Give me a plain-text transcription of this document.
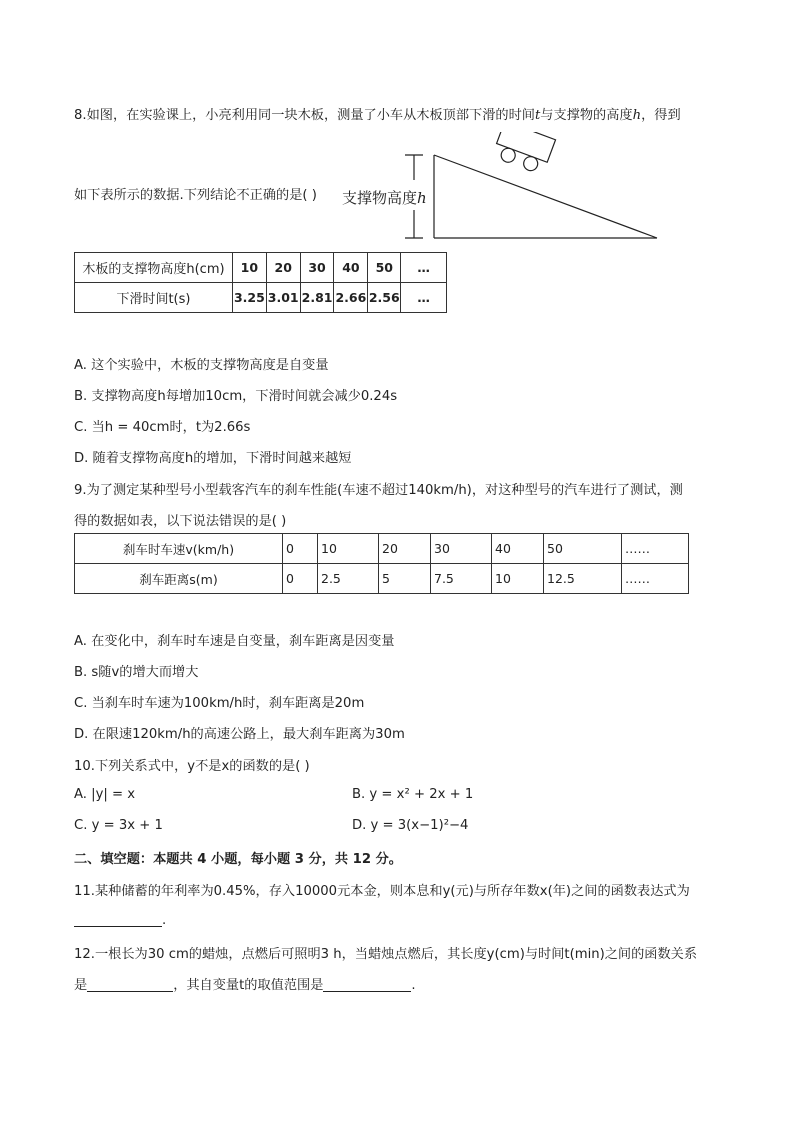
8.如图，在实验课上，小亮利用同一块木板，测量了小车从木板顶部下滑的时间t与支撑物的高度h，得到
如下表所示的数据.下列结论不正确的是( ) 支撑物高度h
木板的支撑物高度h(cm)	10	20	30	40	50	…
下滑时间t(s)	3.25	3.01	2.81	2.66	2.56	…
A. 这个实验中，木板的支撑物高度是自变量
B. 支撑物高度h每增加10cm，下滑时间就会减少0.24s
C. 当h = 40cm时，t为2.66s
D. 随着支撑物高度h的增加，下滑时间越来越短
9.为了测定某种型号小型载客汽车的刹车性能(车速不超过140km/h)，对这种型号的汽车进行了测试，测
得的数据如表，以下说法错误的是( )
刹车时车速v(km/h)	0	10	20	30	40	50	……
刹车距离s(m)	0	2.5	5	7.5	10	12.5	……
A. 在变化中，刹车时车速是自变量，刹车距离是因变量
B. s随v的增大而增大
C. 当刹车时车速为100km/h时，刹车距离是20m
D. 在限速120km/h的高速公路上，最大刹车距离为30m
10.下列关系式中，y不是x的函数的是( )
A. |y| = x	B. y = x² + 2x + 1
C. y = 3x + 1	D. y = 3(x−1)²−4
二、填空题：本题共 4 小题，每小题 3 分，共 12 分。
11.某种储蓄的年利率为0.45%，存入10000元本金，则本息和y(元)与所存年数x(年)之间的函数表达式为
.
12.一根长为30 cm的蜡烛，点燃后可照明3 h，当蜡烛点燃后，其长度y(cm)与时间t(min)之间的函数关系
是	，其自变量t的取值范围是	.
